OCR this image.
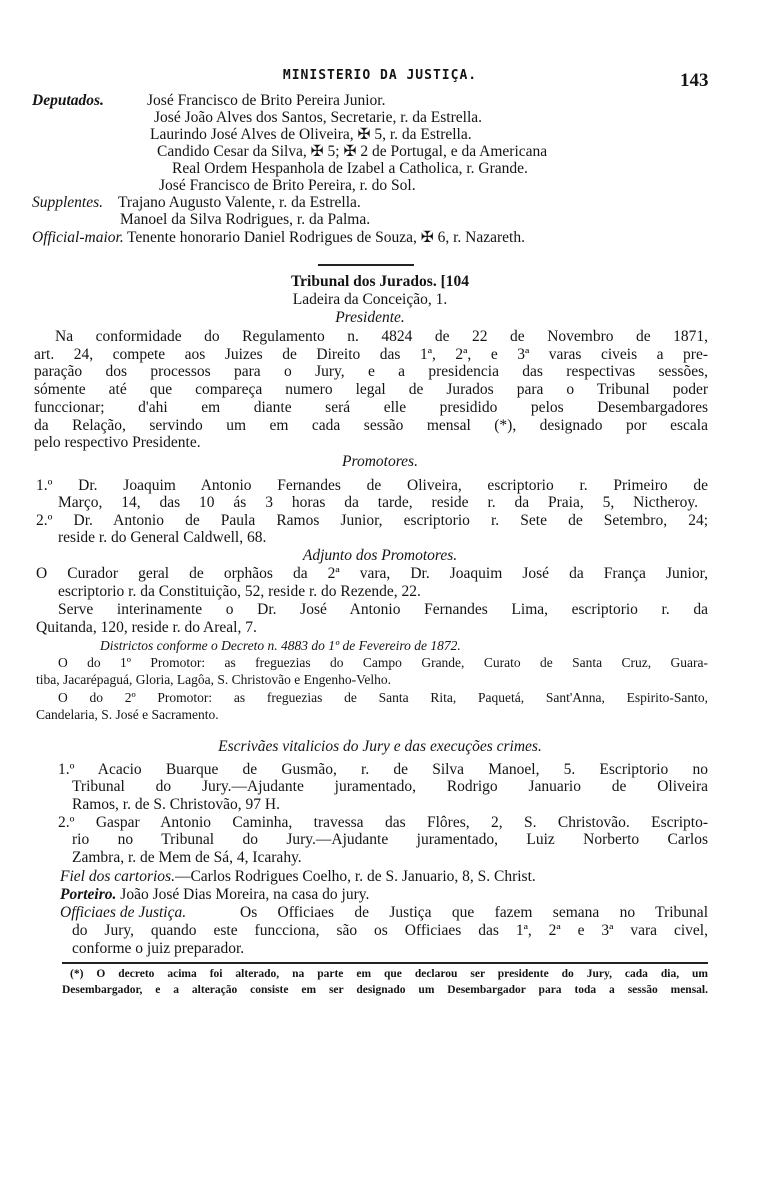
MINISTERIO DA JUSTIÇA.	143
Deputados.	José Francisco de Brito Pereira Junior.
José João Alves dos Santos, Secretarie, r. da Estrella.
Laurindo José Alves de Oliveira, ✠ 5, r. da Estrella.
Candido Cesar da Silva, ✠ 5; ✠ 2 de Portugal, e da Americana
Real Ordem Hespanhola de Izabel a Catholica, r. Grande.
José Francisco de Brito Pereira, r. do Sol.
Supplentes. Trajano Augusto Valente, r. da Estrella.
Manoel da Silva Rodrigues, r. da Palma.
Official-maior. Tenente honorario Daniel Rodrigues de Souza, ✠ 6, r. Nazareth.
Tribunal dos Jurados. [104
Ladeira da Conceição, 1.
Presidente.
Na conformidade do Regulamento n. 4824 de 22 de Novembro de 1871,
art. 24, compete aos Juizes de Direito das 1ª, 2ª, e 3ª varas civeis a pre-
paração dos processos para o Jury, e a presidencia das respectivas sessões,
sómente até que compareça numero legal de Jurados para o Tribunal poder
funccionar; d'ahi em diante será elle presidido pelos Desembargadores
da Relação, servindo um em cada sessão mensal (*), designado por escala
pelo respectivo Presidente.
Promotores.
1.º Dr. Joaquim Antonio Fernandes de Oliveira, escriptorio r. Primeiro de
Março, 14, das 10 ás 3 horas da tarde, reside r. da Praia, 5, Nictheroy.
2.º Dr. Antonio de Paula Ramos Junior, escriptorio r. Sete de Setembro, 24;
reside r. do General Caldwell, 68.
Adjunto dos Promotores.
O Curador geral de orphãos da 2ª vara, Dr. Joaquim José da França Junior,
escriptorio r. da Constituição, 52, reside r. do Rezende, 22.
Serve interinamente o Dr. José Antonio Fernandes Lima, escriptorio r. da
Quitanda, 120, reside r. do Areal, 7.
Districtos conforme o Decreto n. 4883 do 1º de Fevereiro de 1872.
O do 1º Promotor: as freguezias do Campo Grande, Curato de Santa Cruz, Guara-
tiba, Jacarépaguá, Gloria, Lagôa, S. Christovão e Engenho-Velho.
O do 2º Promotor: as freguezias de Santa Rita, Paquetá, Sant'Anna, Espirito-Santo,
Candelaria, S. José e Sacramento.
Escrivães vitalicios do Jury e das execuções crimes.
1.º Acacio Buarque de Gusmão, r. de Silva Manoel, 5. Escriptorio no
Tribunal do Jury.—Ajudante juramentado, Rodrigo Januario de Oliveira
Ramos, r. de S. Christovão, 97 H.
2.º Gaspar Antonio Caminha, travessa das Flôres, 2, S. Christovão. Escripto-
rio no Tribunal do Jury.—Ajudante juramentado, Luiz Norberto Carlos
Zambra, r. de Mem de Sá, 4, Icarahy.
Fiel dos cartorios.—Carlos Rodrigues Coelho, r. de S. Januario, 8, S. Christ.
Porteiro. João José Dias Moreira, na casa do jury.
Officiaes de Justiça.	Os Officiaes de Justiça que fazem semana no Tribunal
do Jury, quando este funcciona, são os Officiaes das 1ª, 2ª e 3ª vara civel,
conforme o juiz preparador.
(*) O decreto acima foi alterado, na parte em que declarou ser presidente do Jury, cada dia, um
Desembargador, e a alteração consiste em ser designado um Desembargador para toda a sessão mensal.
